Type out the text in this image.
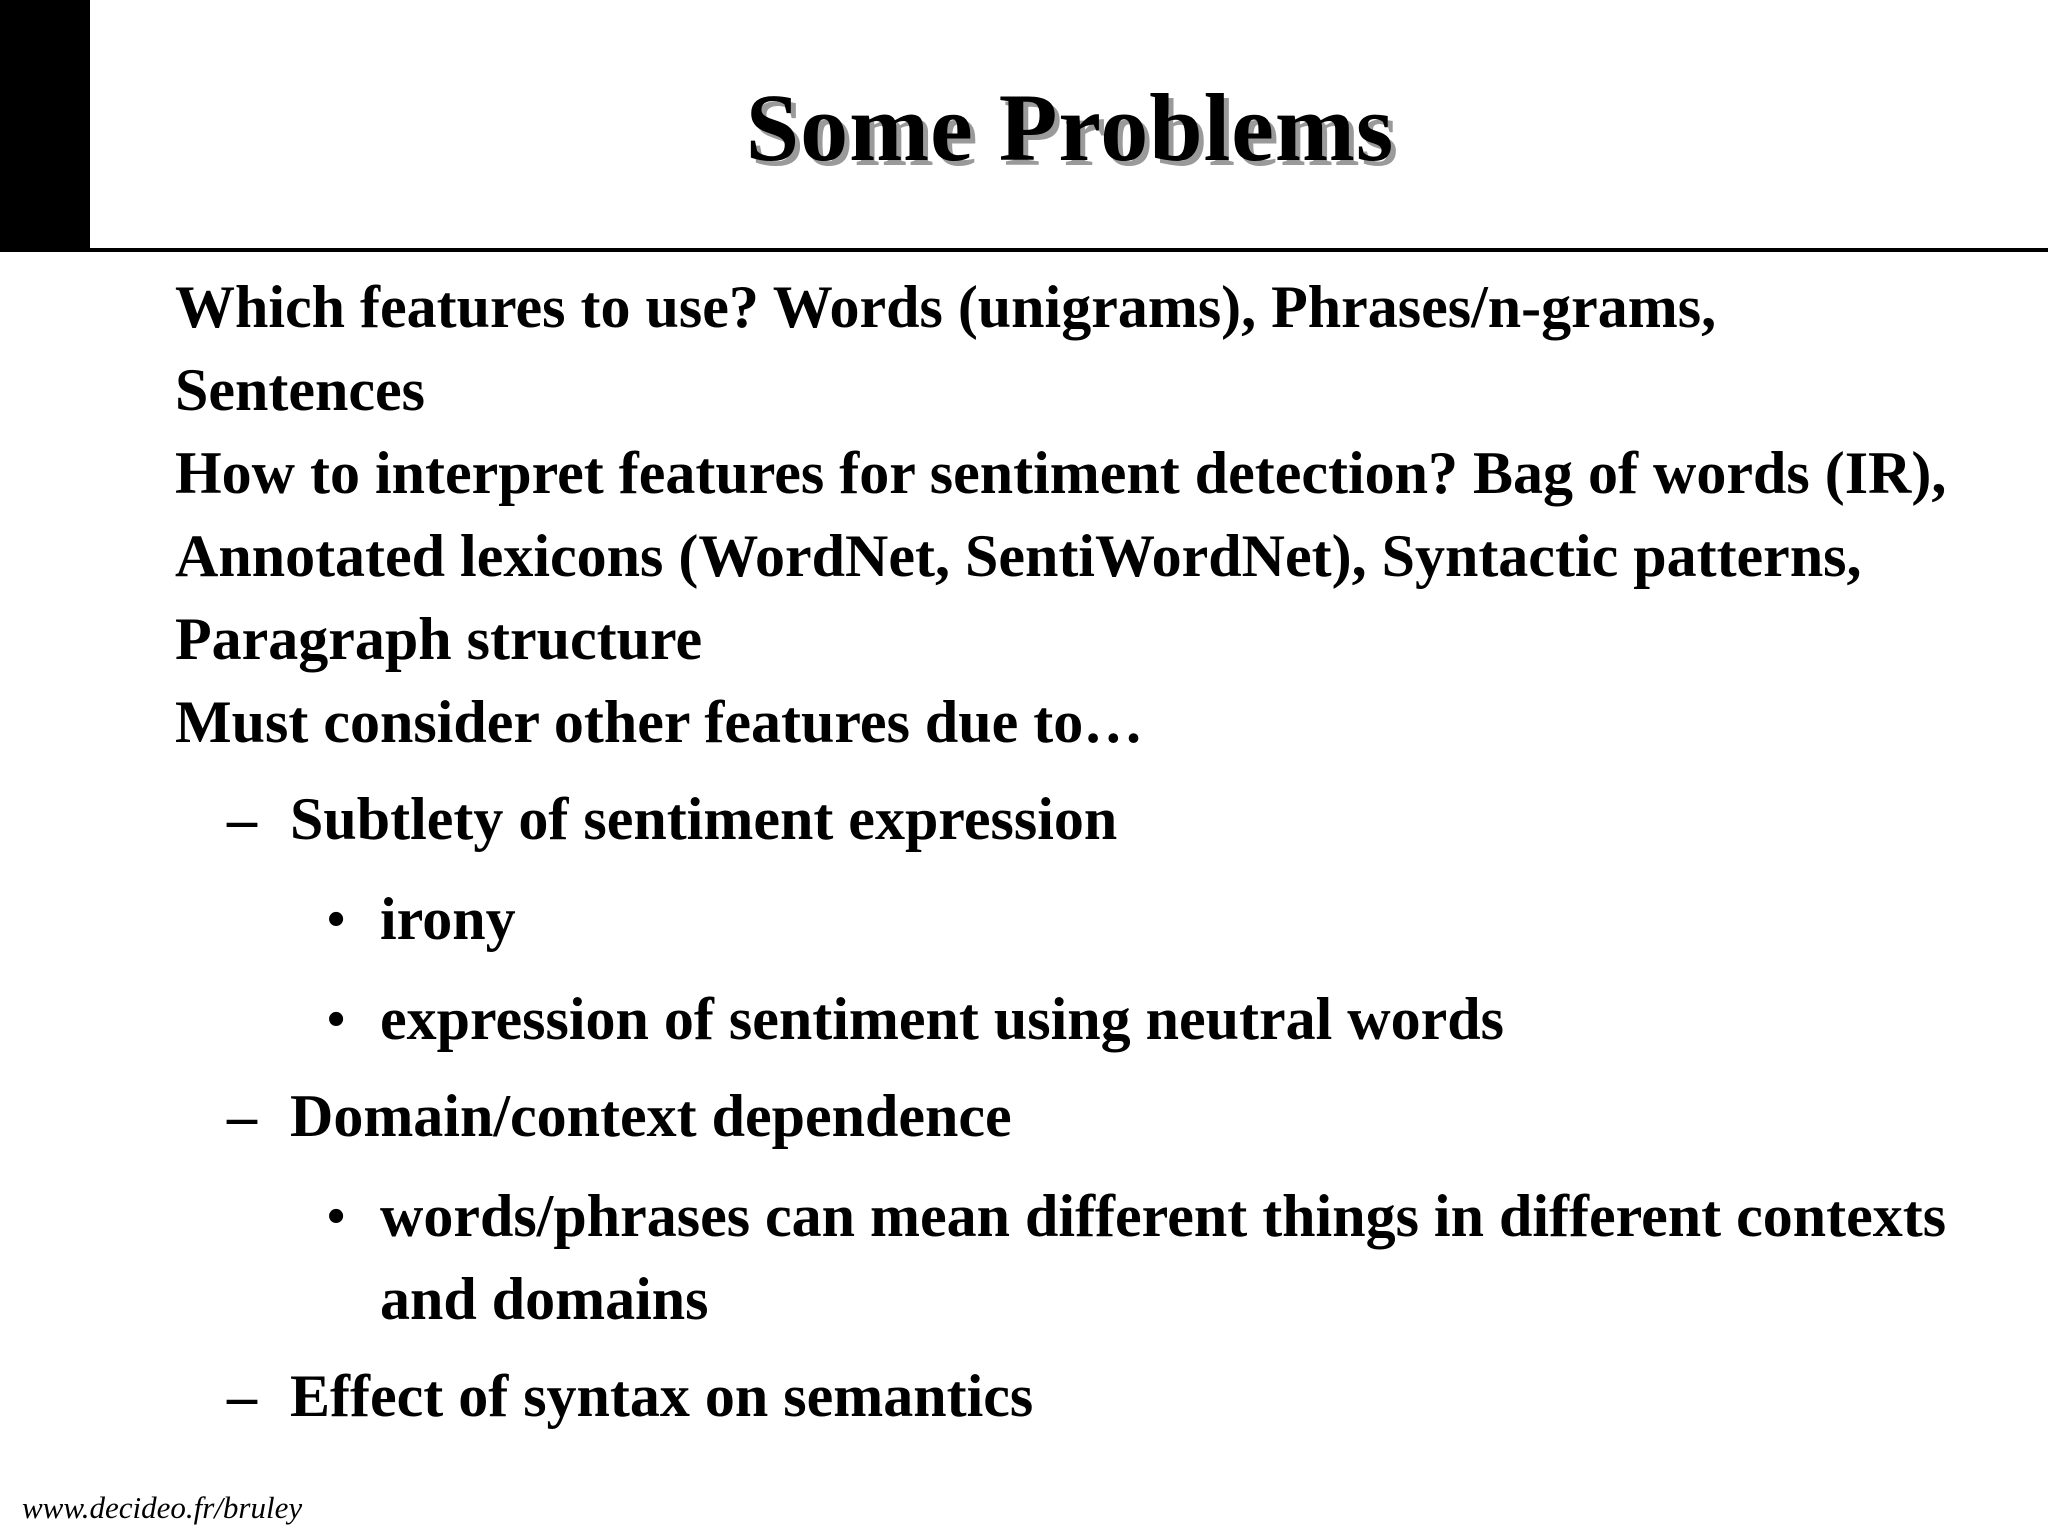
Some Problems

Which features to use? Words (unigrams), Phrases/n-grams, Sentences

How to interpret features for sentiment detection? Bag of words (IR), Annotated lexicons (WordNet, SentiWordNet), Syntactic patterns, Paragraph structure

Must consider other features due to…

– Subtlety of sentiment expression
• irony
• expression of sentiment using neutral words
– Domain/context dependence
• words/phrases can mean different things in different contexts and domains
– Effect of syntax on semantics
www.decideo.fr/bruley
